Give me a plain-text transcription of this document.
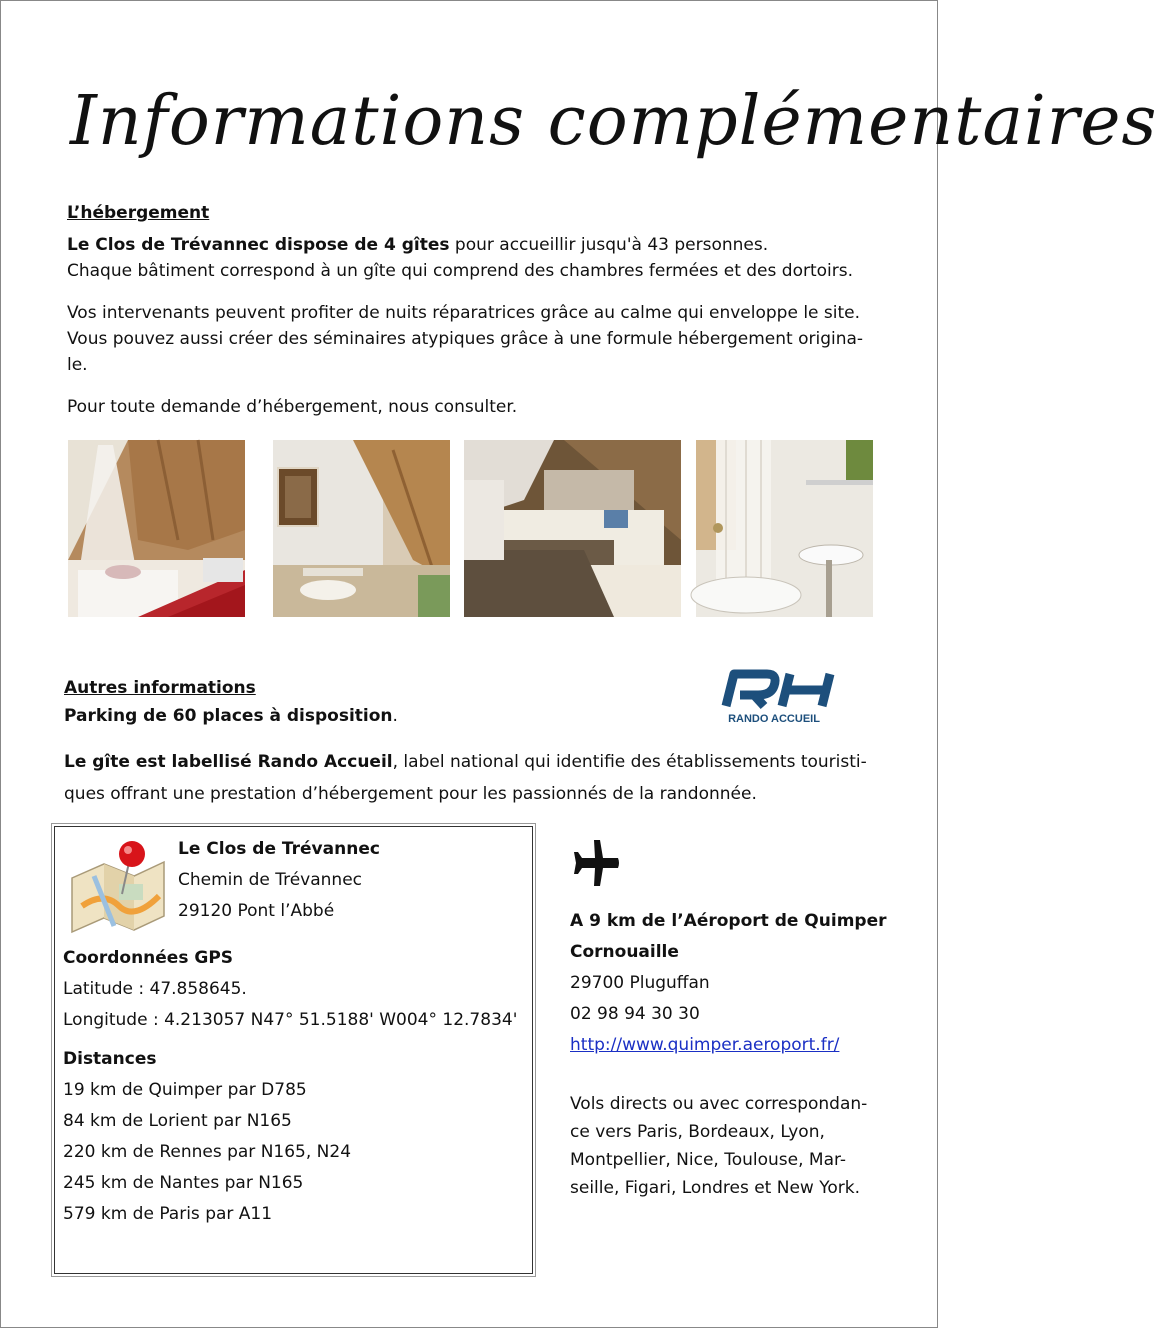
Informations complémentaires
L’hébergement
Le Clos de Trévannec dispose de 4 gîtes pour accueillir jusqu'à 43 personnes.
Chaque bâtiment correspond à un gîte qui comprend des chambres fermées et des dortoirs.
Vos intervenants peuvent profiter de nuits réparatrices grâce au calme qui enveloppe le site.
Vous pouvez aussi créer des séminaires atypiques grâce à une formule hébergement origina-
le.
Pour toute demande d’hébergement, nous consulter.
Autres informations
Parking de 60 places à disposition.	RANDO ACCUEIL
Le gîte est labellisé Rando Accueil, label national qui identifie des établissements touristi-
ques offrant une prestation d’hébergement pour les passionnés de la randonnée.
Le Clos de Trévannec
Chemin de Trévannec
29120 Pont l’Abbé
Coordonnées GPS
Latitude : 47.858645.
Longitude : 4.213057 N47° 51.5188' W004° 12.7834'
Distances
19 km de Quimper par D785
84 km de Lorient par N165
220 km de Rennes par N165, N24
245 km de Nantes par N165
579 km de Paris par A11
A 9 km de l’Aéroport de Quimper
Cornouaille
29700 Pluguffan
02 98 94 30 30
http://www.quimper.aeroport.fr/
Vols directs ou avec correspondan-
ce vers Paris, Bordeaux, Lyon,
Montpellier, Nice, Toulouse, Mar-
seille, Figari, Londres et New York.
